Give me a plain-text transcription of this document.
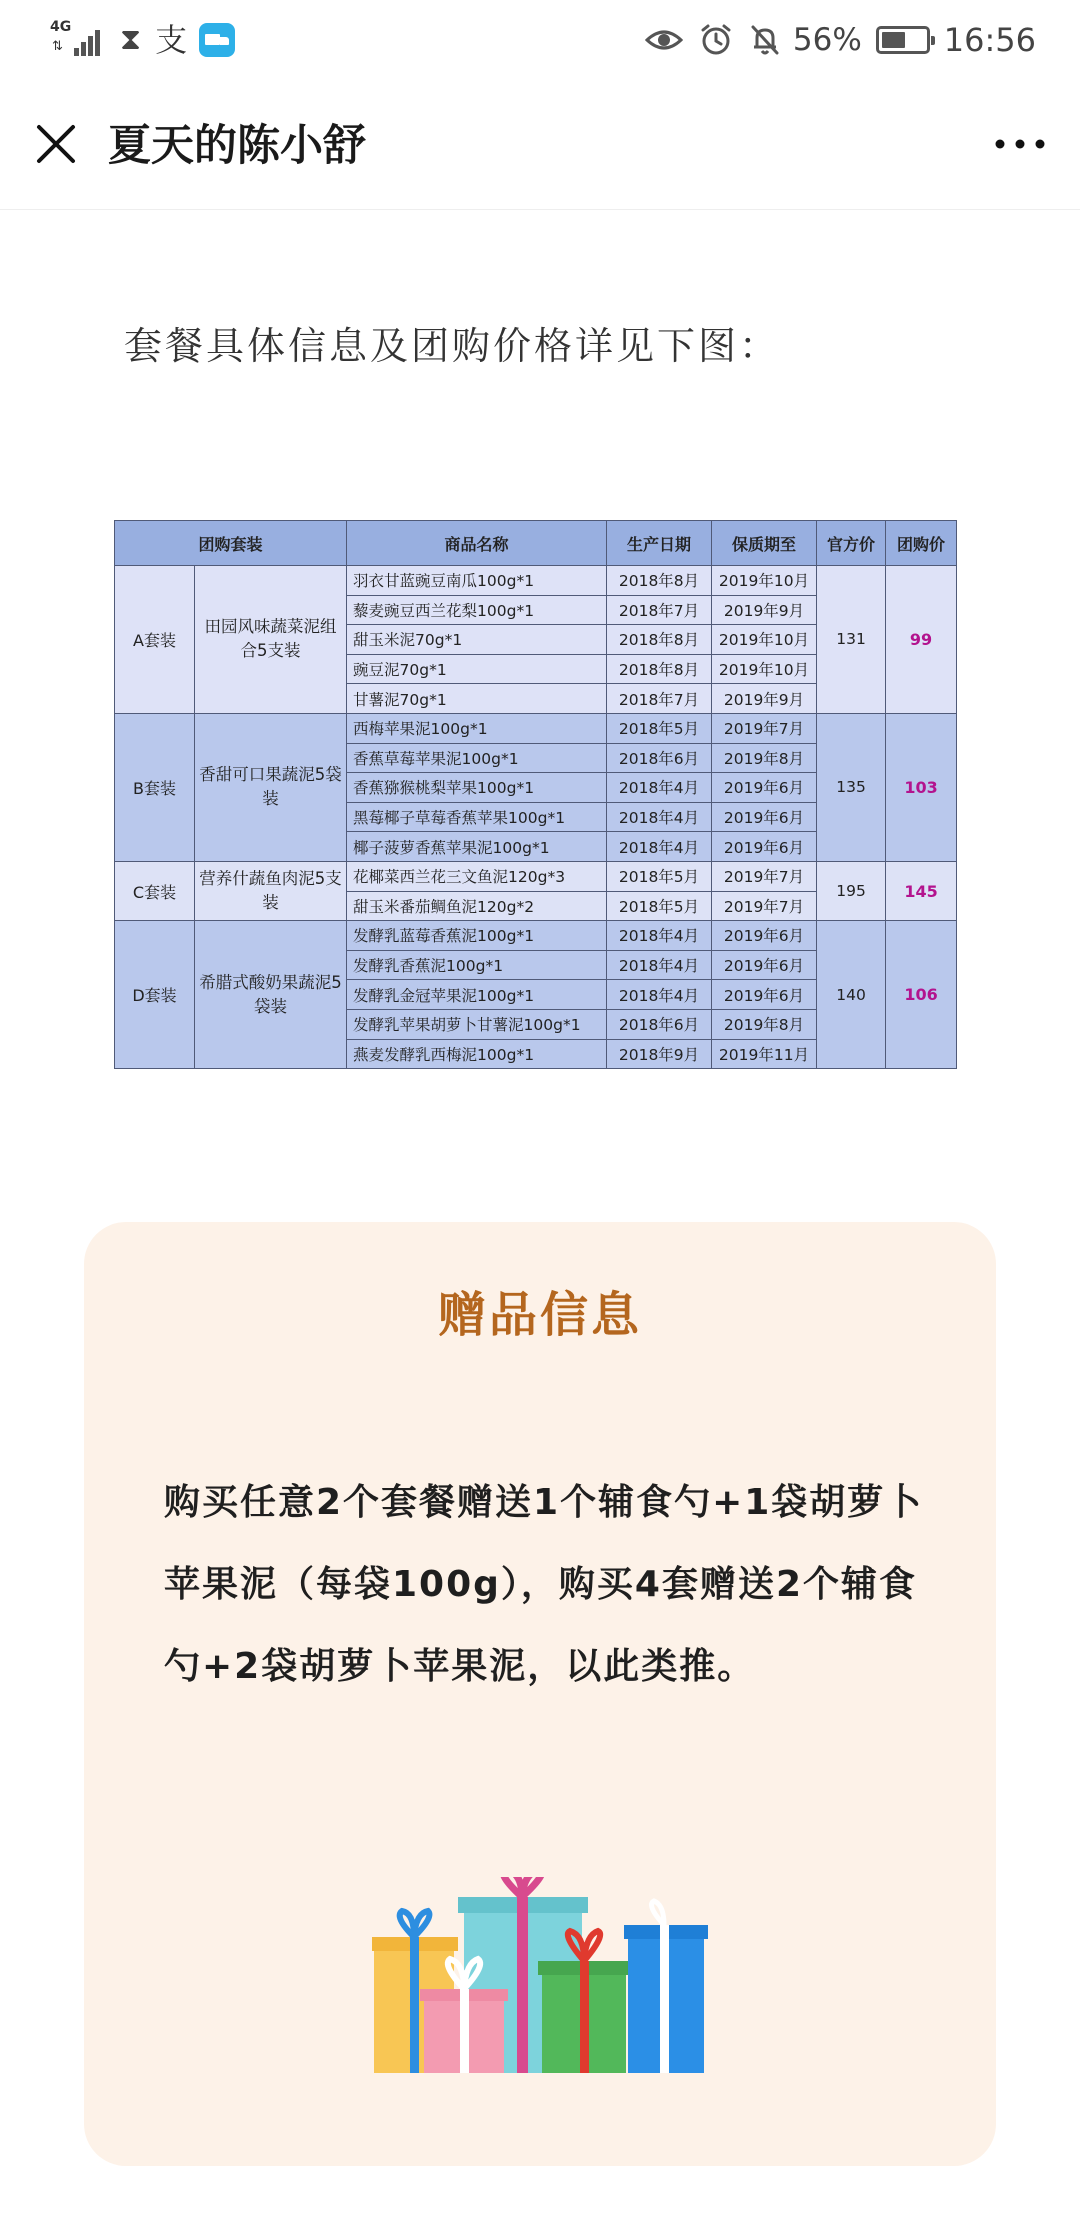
4G
⇅ ⧗ 支	56%	16:56
夏天的陈小舒
套餐具体信息及团购价格详见下图：
团购套装		商品名称	生产日期	保质期至	官方价	团购价
A套装	田园风味蔬菜泥组合5支装	羽衣甘蓝豌豆南瓜100g*1	2018年8月	2019年10月	131	99
		藜麦豌豆西兰花梨100g*1	2018年7月	2019年9月		
		甜玉米泥70g*1	2018年8月	2019年10月		
		豌豆泥70g*1	2018年8月	2019年10月		
		甘薯泥70g*1	2018年7月	2019年9月		
B套装	香甜可口果蔬泥5袋装	西梅苹果泥100g*1	2018年5月	2019年7月	135	103
		香蕉草莓苹果泥100g*1	2018年6月	2019年8月		
		香蕉猕猴桃梨苹果100g*1	2018年4月	2019年6月		
		黑莓椰子草莓香蕉苹果100g*1	2018年4月	2019年6月		
		椰子菠萝香蕉苹果泥100g*1	2018年4月	2019年6月		
C套装	营养什蔬鱼肉泥5支装	花椰菜西兰花三文鱼泥120g*3	2018年5月	2019年7月	195	145
		甜玉米番茄鲷鱼泥120g*2	2018年5月	2019年7月		
D套装	希腊式酸奶果蔬泥5袋装	发酵乳蓝莓香蕉泥100g*1	2018年4月	2019年6月	140	106
		发酵乳香蕉泥100g*1	2018年4月	2019年6月		
		发酵乳金冠苹果泥100g*1	2018年4月	2019年6月		
		发酵乳苹果胡萝卜甘薯泥100g*1	2018年6月	2019年8月		
		燕麦发酵乳西梅泥100g*1	2018年9月	2019年11月		
赠品信息
购买任意2个套餐赠送1个辅食勺+1袋胡萝卜苹果泥（每袋100g），购买4套赠送2个辅食勺+2袋胡萝卜苹果泥，以此类推。
